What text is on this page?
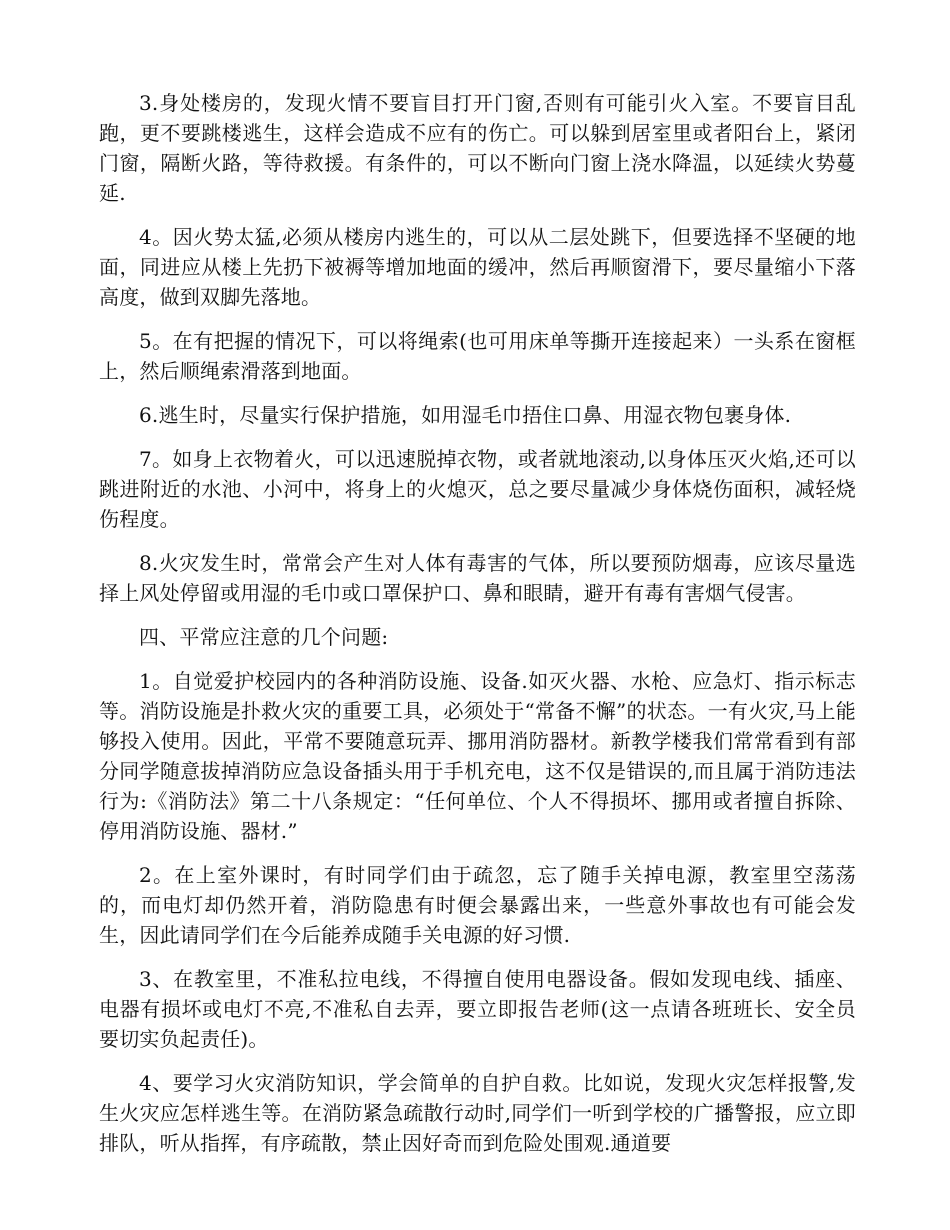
3.身处楼房的，发现火情不要盲目打开门窗,否则有可能引火入室。不要盲目乱跑，更不要跳楼逃生，这样会造成不应有的伤亡。可以躲到居室里或者阳台上，紧闭门窗，隔断火路，等待救援。有条件的，可以不断向门窗上浇水降温，以延续火势蔓延.

4。因火势太猛,必须从楼房内逃生的，可以从二层处跳下，但要选择不坚硬的地面，同进应从楼上先扔下被褥等增加地面的缓冲，然后再顺窗滑下，要尽量缩小下落高度，做到双脚先落地。

5。在有把握的情况下，可以将绳索(也可用床单等撕开连接起来）一头系在窗框上，然后顺绳索滑落到地面。

6.逃生时，尽量实行保护措施，如用湿毛巾捂住口鼻、用湿衣物包裹身体.

7。如身上衣物着火，可以迅速脱掉衣物，或者就地滚动,以身体压灭火焰,还可以跳进附近的水池、小河中，将身上的火熄灭，总之要尽量减少身体烧伤面积，减轻烧伤程度。

8.火灾发生时，常常会产生对人体有毒害的气体，所以要预防烟毒，应该尽量选择上风处停留或用湿的毛巾或口罩保护口、鼻和眼睛，避开有毒有害烟气侵害。

四、平常应注意的几个问题:

1。自觉爱护校园内的各种消防设施、设备.如灭火器、水枪、应急灯、指示标志等。消防设施是扑救火灾的重要工具，必须处于“常备不懈”的状态。一有火灾,马上能够投入使用。因此，平常不要随意玩弄、挪用消防器材。新教学楼我们常常看到有部分同学随意拔掉消防应急设备插头用于手机充电，这不仅是错误的,而且属于消防违法行为:《消防法》第二十八条规定：“任何单位、个人不得损坏、挪用或者擅自拆除、停用消防设施、器材.”

2。在上室外课时，有时同学们由于疏忽，忘了随手关掉电源，教室里空荡荡的，而电灯却仍然开着，消防隐患有时便会暴露出来，一些意外事故也有可能会发生，因此请同学们在今后能养成随手关电源的好习惯.

3、在教室里，不准私拉电线，不得擅自使用电器设备。假如发现电线、插座、电器有损坏或电灯不亮,不准私自去弄，要立即报告老师(这一点请各班班长、安全员要切实负起责任)。

4、要学习火灾消防知识，学会简单的自护自救。比如说，发现火灾怎样报警,发生火灾应怎样逃生等。在消防紧急疏散行动时,同学们一听到学校的广播警报，应立即排队，听从指挥，有序疏散，禁止因好奇而到危险处围观.通道要
